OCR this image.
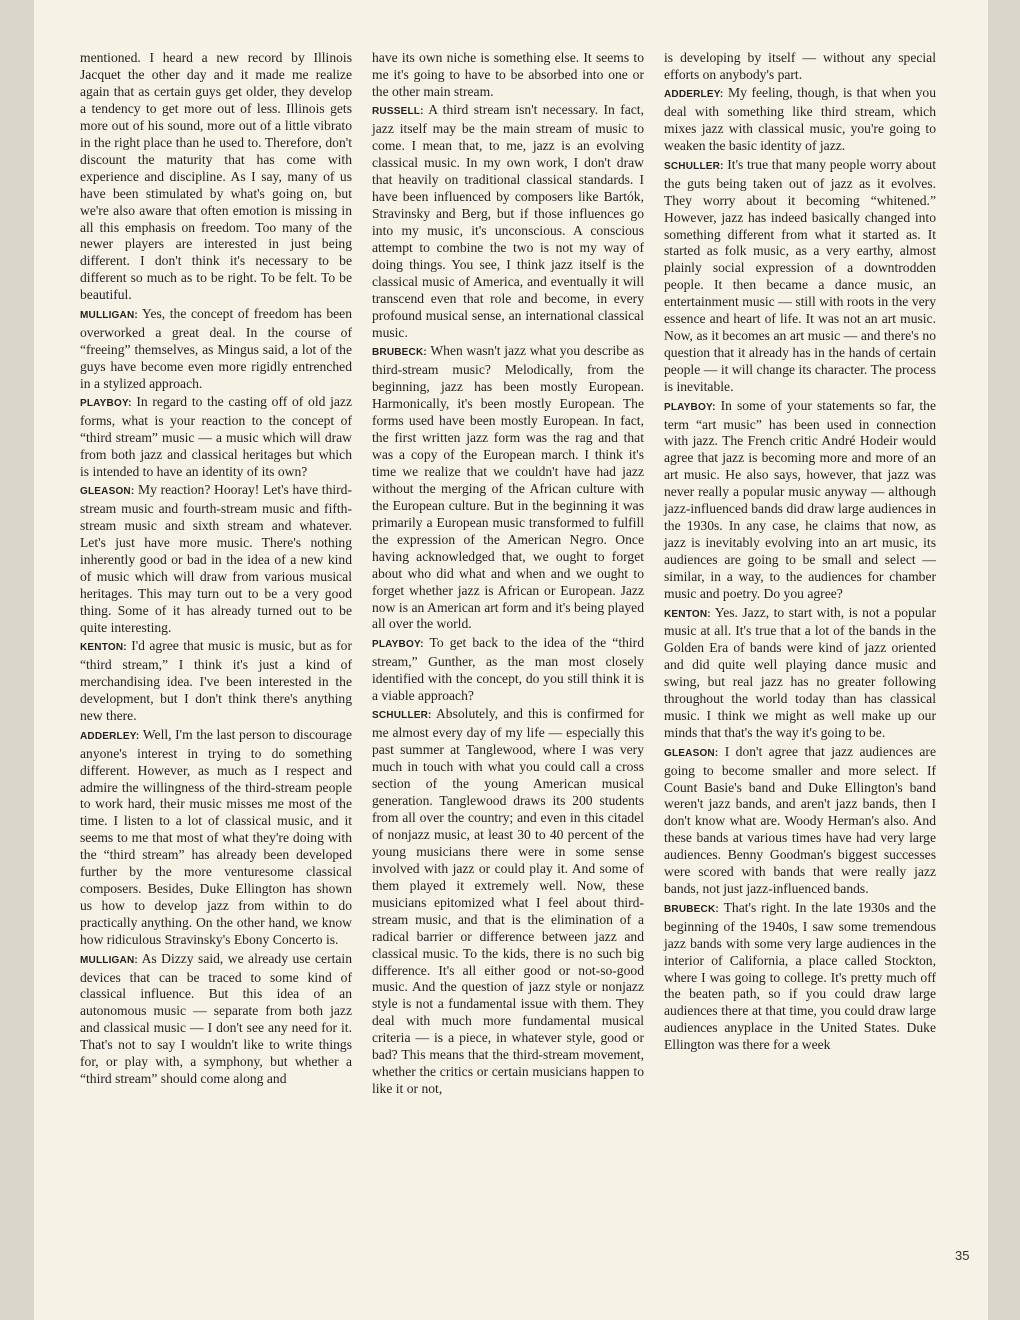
mentioned. I heard a new record by Illinois Jacquet the other day and it made me realize again that as certain guys get older, they develop a tendency to get more out of less. Illinois gets more out of his sound, more out of a little vibrato in the right place than he used to. Therefore, don't discount the maturity that has come with experience and discipline. As I say, many of us have been stimulated by what's going on, but we're also aware that often emotion is missing in all this emphasis on freedom. Too many of the newer players are interested in just being different. I don't think it's necessary to be different so much as to be right. To be felt. To be beautiful.

MULLIGAN: Yes, the concept of freedom has been overworked a great deal. In the course of “freeing” themselves, as Mingus said, a lot of the guys have become even more rigidly entrenched in a stylized approach.

PLAYBOY: In regard to the casting off of old jazz forms, what is your reaction to the concept of “third stream” music — a music which will draw from both jazz and classical heritages but which is intended to have an identity of its own?

GLEASON: My reaction? Hooray! Let's have third-stream music and fourth-stream music and fifth-stream music and sixth stream and whatever. Let's just have more music. There's nothing inherently good or bad in the idea of a new kind of music which will draw from various musical heritages. This may turn out to be a very good thing. Some of it has already turned out to be quite interesting.

KENTON: I'd agree that music is music, but as for “third stream,” I think it's just a kind of merchandising idea. I've been interested in the development, but I don't think there's anything new there.

ADDERLEY: Well, I'm the last person to discourage anyone's interest in trying to do something different. However, as much as I respect and admire the willingness of the third-stream people to work hard, their music misses me most of the time. I listen to a lot of classical music, and it seems to me that most of what they're doing with the “third stream” has already been developed further by the more venturesome classical composers. Besides, Duke Ellington has shown us how to develop jazz from within to do practically anything. On the other hand, we know how ridiculous Stravinsky's Ebony Concerto is.

MULLIGAN: As Dizzy said, we already use certain devices that can be traced to some kind of classical influence. But this idea of an autonomous music — separate from both jazz and classical music — I don't see any need for it. That's not to say I wouldn't like to write things for, or play with, a symphony, but whether a “third stream” should come along and

have its own niche is something else. It seems to me it's going to have to be absorbed into one or the other main stream.

RUSSELL: A third stream isn't necessary. In fact, jazz itself may be the main stream of music to come. I mean that, to me, jazz is an evolving classical music. In my own work, I don't draw that heavily on traditional classical standards. I have been influenced by composers like Bartók, Stravinsky and Berg, but if those influences go into my music, it's unconscious. A conscious attempt to combine the two is not my way of doing things. You see, I think jazz itself is the classical music of America, and eventually it will transcend even that role and become, in every profound musical sense, an international classical music.

BRUBECK: When wasn't jazz what you describe as third-stream music? Melodically, from the beginning, jazz has been mostly European. Harmonically, it's been mostly European. The forms used have been mostly European. In fact, the first written jazz form was the rag and that was a copy of the European march. I think it's time we realize that we couldn't have had jazz without the merging of the African culture with the European culture. But in the beginning it was primarily a European music transformed to fulfill the expression of the American Negro. Once having acknowledged that, we ought to forget about who did what and when and we ought to forget whether jazz is African or European. Jazz now is an American art form and it's being played all over the world.

PLAYBOY: To get back to the idea of the “third stream,” Gunther, as the man most closely identified with the concept, do you still think it is a viable approach?

SCHULLER: Absolutely, and this is confirmed for me almost every day of my life — especially this past summer at Tanglewood, where I was very much in touch with what you could call a cross section of the young American musical generation. Tanglewood draws its 200 students from all over the country; and even in this citadel of nonjazz music, at least 30 to 40 percent of the young musicians there were in some sense involved with jazz or could play it. And some of them played it extremely well. Now, these musicians epitomized what I feel about third-stream music, and that is the elimination of a radical barrier or difference between jazz and classical music. To the kids, there is no such big difference. It's all either good or not-so-good music. And the question of jazz style or nonjazz style is not a fundamental issue with them. They deal with much more fundamental musical criteria — is a piece, in whatever style, good or bad? This means that the third-stream movement, whether the critics or certain musicians happen to like it or not,

is developing by itself — without any special efforts on anybody's part.

ADDERLEY: My feeling, though, is that when you deal with something like third stream, which mixes jazz with classical music, you're going to weaken the basic identity of jazz.

SCHULLER: It's true that many people worry about the guts being taken out of jazz as it evolves. They worry about it becoming “whitened.” However, jazz has indeed basically changed into something different from what it started as. It started as folk music, as a very earthy, almost plainly social expression of a downtrodden people. It then became a dance music, an entertainment music — still with roots in the very essence and heart of life. It was not an art music. Now, as it becomes an art music — and there's no question that it already has in the hands of certain people — it will change its character. The process is inevitable.

PLAYBOY: In some of your statements so far, the term “art music” has been used in connection with jazz. The French critic André Hodeir would agree that jazz is becoming more and more of an art music. He also says, however, that jazz was never really a popular music anyway — although jazz-influenced bands did draw large audiences in the 1930s. In any case, he claims that now, as jazz is inevitably evolving into an art music, its audiences are going to be small and select — similar, in a way, to the audiences for chamber music and poetry. Do you agree?

KENTON: Yes. Jazz, to start with, is not a popular music at all. It's true that a lot of the bands in the Golden Era of bands were kind of jazz oriented and did quite well playing dance music and swing, but real jazz has no greater following throughout the world today than has classical music. I think we might as well make up our minds that that's the way it's going to be.

GLEASON: I don't agree that jazz audiences are going to become smaller and more select. If Count Basie's band and Duke Ellington's band weren't jazz bands, and aren't jazz bands, then I don't know what are. Woody Herman's also. And these bands at various times have had very large audiences. Benny Goodman's biggest successes were scored with bands that were really jazz bands, not just jazz-influenced bands.

BRUBECK: That's right. In the late 1930s and the beginning of the 1940s, I saw some tremendous jazz bands with some very large audiences in the interior of California, a place called Stockton, where I was going to college. It's pretty much off the beaten path, so if you could draw large audiences there at that time, you could draw large audiences anyplace in the United States. Duke Ellington was there for a week

35
